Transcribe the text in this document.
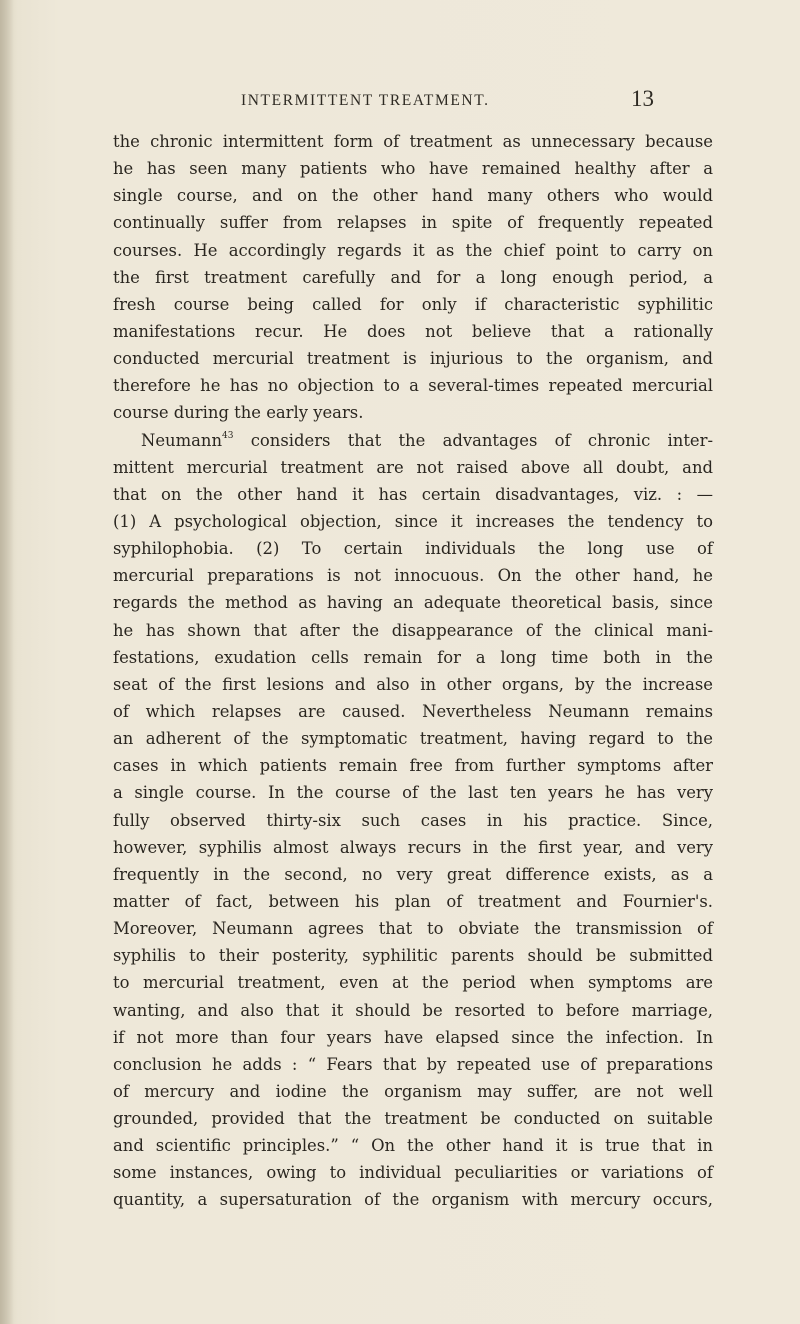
INTERMITTENT TREATMENT.	13
the chronic intermittent form of treatment as unnecessary because
he has seen many patients who have remained healthy after a
single course, and on the other hand many others who would
continually suffer from relapses in spite of frequently repeated
courses. He accordingly regards it as the chief point to carry on
the first treatment carefully and for a long enough period, a
fresh course being called for only if characteristic syphilitic
manifestations recur. He does not believe that a rationally
conducted mercurial treatment is injurious to the organism, and
therefore he has no objection to a several-times repeated mercurial
course during the early years.
Neumann$^{43}$ considers that the advantages of chronic inter-
mittent mercurial treatment are not raised above all doubt, and
that on the other hand it has certain disadvantages, viz. : —
(1) A psychological objection, since it increases the tendency to
syphilophobia. (2) To certain individuals the long use of
mercurial preparations is not innocuous. On the other hand, he
regards the method as having an adequate theoretical basis, since
he has shown that after the disappearance of the clinical mani-
festations, exudation cells remain for a long time both in the
seat of the first lesions and also in other organs, by the increase
of which relapses are caused. Nevertheless Neumann remains
an adherent of the symptomatic treatment, having regard to the
cases in which patients remain free from further symptoms after
a single course. In the course of the last ten years he has very
fully observed thirty-six such cases in his practice. Since,
however, syphilis almost always recurs in the first year, and very
frequently in the second, no very great difference exists, as a
matter of fact, between his plan of treatment and Fournier's.
Moreover, Neumann agrees that to obviate the transmission of
syphilis to their posterity, syphilitic parents should be submitted
to mercurial treatment, even at the period when symptoms are
wanting, and also that it should be resorted to before marriage,
if not more than four years have elapsed since the infection. In
conclusion he adds : “ Fears that by repeated use of preparations
of mercury and iodine the organism may suffer, are not well
grounded, provided that the treatment be conducted on suitable
and scientific principles.” “ On the other hand it is true that in
some instances, owing to individual peculiarities or variations of
quantity, a supersaturation of the organism with mercury occurs,
